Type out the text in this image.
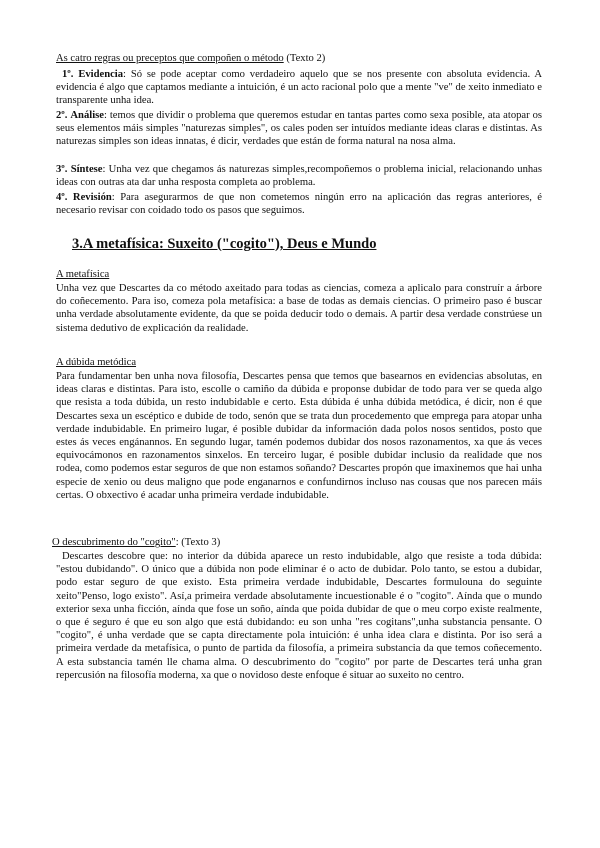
As catro regras ou preceptos que compoñen o método (Texto 2)

1º. Evidencia: Só se pode aceptar como verdadeiro aquelo que se nos presente con absoluta evidencia. A evidencia é algo que captamos mediante a intuición, é un acto racional polo que a mente "ve" de xeito inmediato e transparente unha idea.

2º. Análise: temos que dividir o problema que queremos estudar en tantas partes como sexa posible, ata atopar os seus elementos máis simples "naturezas simples", os cales poden ser intuídos mediante ideas claras e distintas. As naturezas simples son ideas innatas, é dicir, verdades que están de forma natural na nosa alma.

3º. Síntese: Unha vez que chegamos ás naturezas simples,recompoñemos o problema inicial, relacionando unhas ideas con outras ata dar unha resposta completa ao problema.

4º. Revisión: Para asegurarmos de que non cometemos ningún erro na aplicación das regras anteriores, é necesario revisar con coidado todo os pasos que seguimos.

3.A metafísica: Suxeito ("cogito"), Deus e Mundo

A metafísica

Unha vez que Descartes da co método axeitado para todas as ciencias, comeza a aplicalo para construír a árbore do coñecemento. Para iso, comeza pola metafísica: a base de todas as demais ciencias. O primeiro paso é buscar unha verdade absolutamente evidente, da que se poida deducir todo o demais. A partir desa verdade constrúese un sistema dedutivo de explicación da realidade.

A dúbida metódica

Para fundamentar ben unha nova filosofía, Descartes pensa que temos que basearnos en evidencias absolutas, en ideas claras e distintas. Para isto, escolle o camiño da dúbida e proponse dubidar de todo para ver se queda algo que resista a toda dúbida, un resto indubidable e certo. Esta dúbida é unha dúbida metódica, é dicir, non é que Descartes sexa un escéptico e dubide de todo, senón que se trata dun procedemento que emprega para atopar unha verdade indubidable. En primeiro lugar, é posible dubidar da información dada polos nosos sentidos, posto que estes ás veces engánannos. En segundo lugar, tamén podemos dubidar dos nosos razonamentos, xa que ás veces equivocámonos en razonamentos sinxelos. En terceiro lugar, é posible dubidar inclusio da realidade que nos rodea, como podemos estar seguros de que non estamos soñando? Descartes propón que imaxinemos que hai unha especie de xenio ou deus maligno que pode enganarnos e confundirnos incluso nas cousas que nos parecen máis certas. O obxectivo é acadar unha primeira verdade indubidable.

O descubrimento do "cogito": (Texto 3)

Descartes descobre que: no interior da dúbida aparece un resto indubidable, algo que resiste a toda dúbida: "estou dubidando". O único que a dúbida non pode eliminar é o acto de dubidar. Polo tanto, se estou a dubidar, podo estar seguro de que existo. Esta primeira verdade indubidable, Descartes formulouna do seguinte xeito"Penso, logo existo". Así,a primeira verdade absolutamente incuestionable é o "cogito". Aínda que o mundo exterior sexa unha ficción, aínda que fose un soño, aínda que poida dubidar de que o meu corpo existe realmente, o que é seguro é que eu son algo que está dubidando: eu son unha "res cogitans",unha substancia pensante. O "cogito", é unha verdade que se capta directamente pola intuición: é unha idea clara e distinta. Por iso será a primeira verdade da metafísica, o punto de partida da filosofía, a primeira substancia da que temos coñecemento. A esta substancia tamén lle chama alma. O descubrimento do "cogito" por parte de Descartes terá unha gran repercusión na filosofía moderna, xa que o novidoso deste enfoque é situar ao suxeito no centro.
